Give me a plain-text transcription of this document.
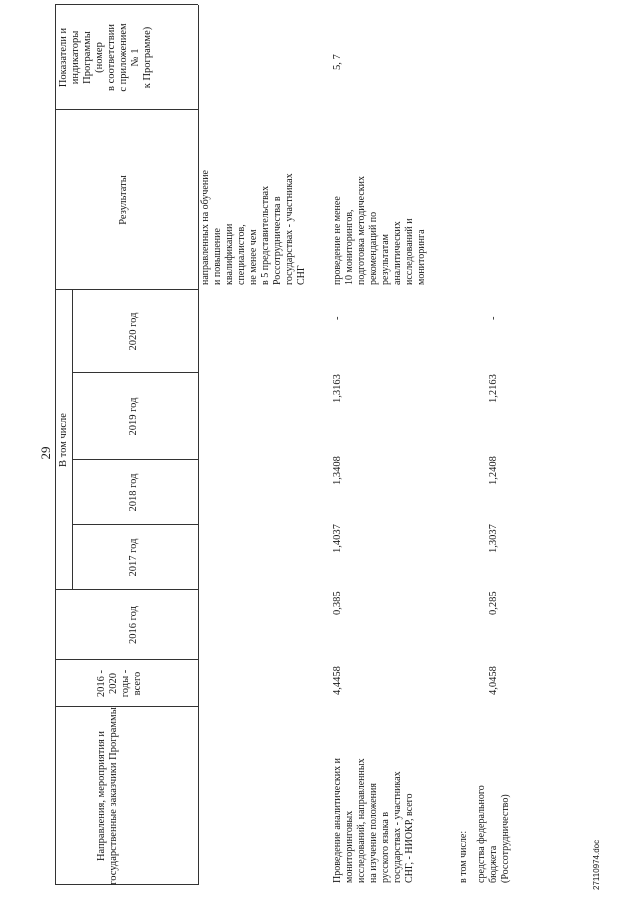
29
Направления, мероприятия и государственные заказчики Программы
2016 -
2020
годы -
всего
В том числе
2016 год
2017 год
2018 год
2019 год
2020 год
Результаты
Показатели и
индикаторы
Программы
(номер
в соответствии
с приложением
№ 1
к Программе)
направленных на обучение
и повышение
квалификации
специалистов,
не менее чем
в 5 представительствах
Россотрудничества в
государствах - участниках
СНГ
Проведение аналитических и
мониторинговых
исследований, направленных
на изучение положения
русского языка в
государствах - участниках
СНГ, - НИОКР, всего
4,4458
0,385
1,4037
1,3408
1,3163
-
проведение не менее
10 мониторингов,
подготовка методических
рекомендаций по
результатам
аналитических
исследований и
мониторинга
5, 7
в том числе: средства федерального
бюджета
(Россотрудничество)
4,0458
0,285
1,3037
1,2408
1,2163
-
27110974.doc
